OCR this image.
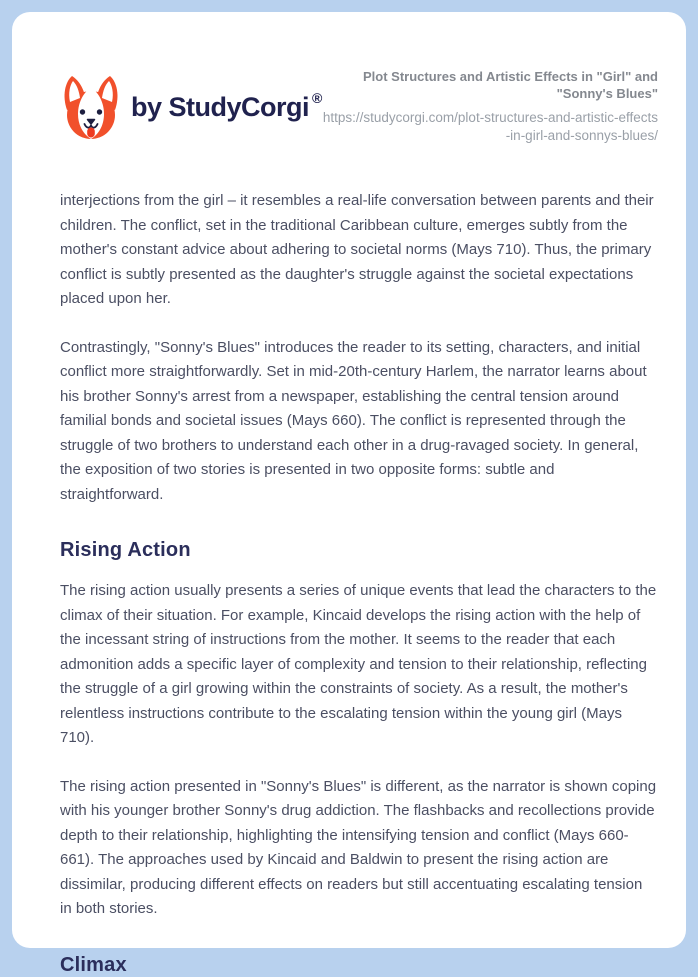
by StudyCorgi ®

Plot Structures and Artistic Effects in "Girl" and "Sonny's Blues"

https://studycorgi.com/plot-structures-and-artistic-effects-in-girl-and-sonnys-blues/

interjections from the girl – it resembles a real-life conversation between parents and their children. The conflict, set in the traditional Caribbean culture, emerges subtly from the mother's constant advice about adhering to societal norms (Mays 710). Thus, the primary conflict is subtly presented as the daughter's struggle against the societal expectations placed upon her.

Contrastingly, "Sonny's Blues" introduces the reader to its setting, characters, and initial conflict more straightforwardly. Set in mid-20th-century Harlem, the narrator learns about his brother Sonny's arrest from a newspaper, establishing the central tension around familial bonds and societal issues (Mays 660). The conflict is represented through the struggle of two brothers to understand each other in a drug-ravaged society. In general, the exposition of two stories is presented in two opposite forms: subtle and straightforward.

Rising Action

The rising action usually presents a series of unique events that lead the characters to the climax of their situation. For example, Kincaid develops the rising action with the help of the incessant string of instructions from the mother. It seems to the reader that each admonition adds a specific layer of complexity and tension to their relationship, reflecting the struggle of a girl growing within the constraints of society. As a result, the mother's relentless instructions contribute to the escalating tension within the young girl (Mays 710).

The rising action presented in "Sonny's Blues" is different, as the narrator is shown coping with his younger brother Sonny's drug addiction. The flashbacks and recollections provide depth to their relationship, highlighting the intensifying tension and conflict (Mays 660-661). The approaches used by Kincaid and Baldwin to present the rising action are dissimilar, producing different effects on readers but still accentuating escalating tension in both stories.

Climax
